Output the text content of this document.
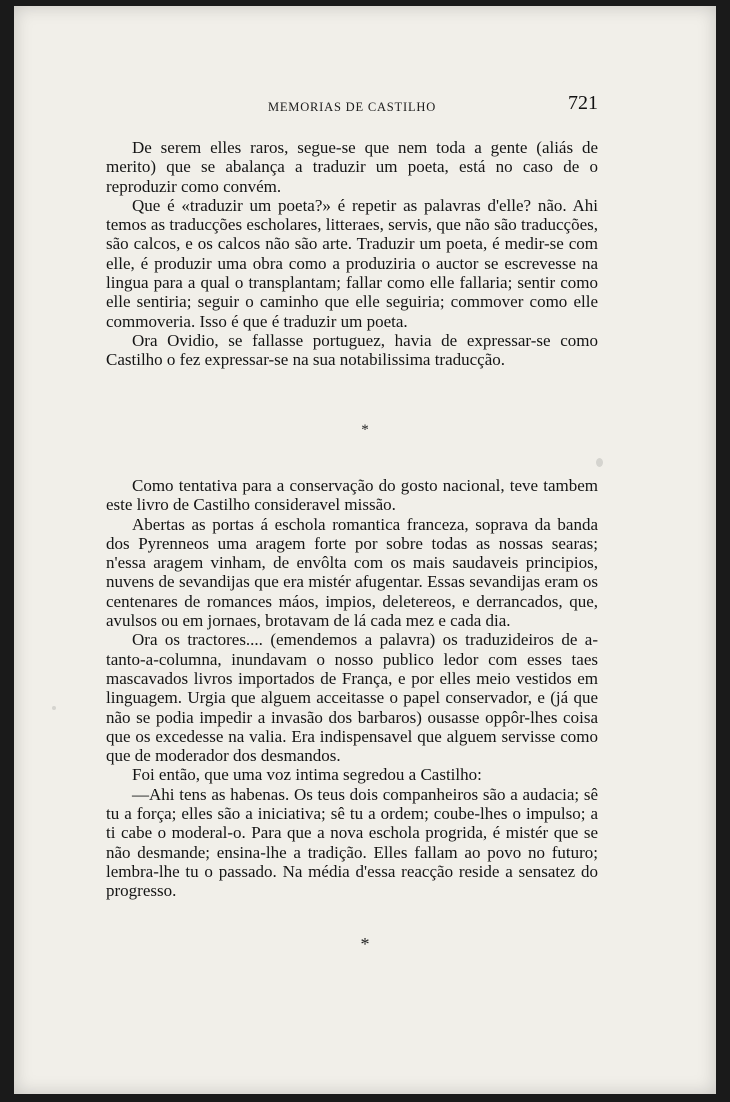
MEMORIAS DE CASTILHO	721

De serem elles raros, segue-se que nem toda a gente (aliás de merito) que se abalança a traduzir um poeta, está no caso de o reproduzir como convém.

Que é «traduzir um poeta?» é repetir as palavras d'elle? não. Ahi temos as traducções escholares, litteraes, servis, que não são traducções, são calcos, e os calcos não são arte. Traduzir um poeta, é medir-se com elle, é produzir uma obra como a produziria o auctor se escrevesse na lingua para a qual o transplantam; fallar como elle fallaria; sentir como elle sentiria; seguir o caminho que elle seguiria; commover como elle commoveria. Isso é que é traduzir um poeta.

Ora Ovidio, se fallasse portuguez, havia de expressar-se como Castilho o fez expressar-se na sua notabilissima traducção.

*

Como tentativa para a conservação do gosto nacional, teve tambem este livro de Castilho consideravel missão.

Abertas as portas á eschola romantica franceza, soprava da banda dos Pyrenneos uma aragem forte por sobre todas as nossas searas; n'essa aragem vinham, de envôlta com os mais saudaveis principios, nuvens de sevandijas que era mistér afugentar. Essas sevandijas eram os centenares de romances máos, impios, deletereos, e derrancados, que, avulsos ou em jornaes, brotavam de lá cada mez e cada dia.

Ora os tractores.... (emendemos a palavra) os traduzideiros de a-tanto-a-columna, inundavam o nosso publico ledor com esses taes mascavados livros importados de França, e por elles meio vestidos em linguagem. Urgia que alguem acceitasse o papel conservador, e (já que não se podia impedir a invasão dos barbaros) ousasse oppôr-lhes coisa que os excedesse na valia. Era indispensavel que alguem servisse como que de moderador dos desmandos.

Foi então, que uma voz intima segredou a Castilho:

—Ahi tens as habenas. Os teus dois companheiros são a audacia; sê tu a força; elles são a iniciativa; sê tu a ordem; coube-lhes o impulso; a ti cabe o moderal-o. Para que a nova eschola progrida, é mistér que se não desmande; ensina-lhe a tradição. Elles fallam ao povo no futuro; lembra-lhe tu o passado. Na média d'essa reacção reside a sensatez do progresso.

*
